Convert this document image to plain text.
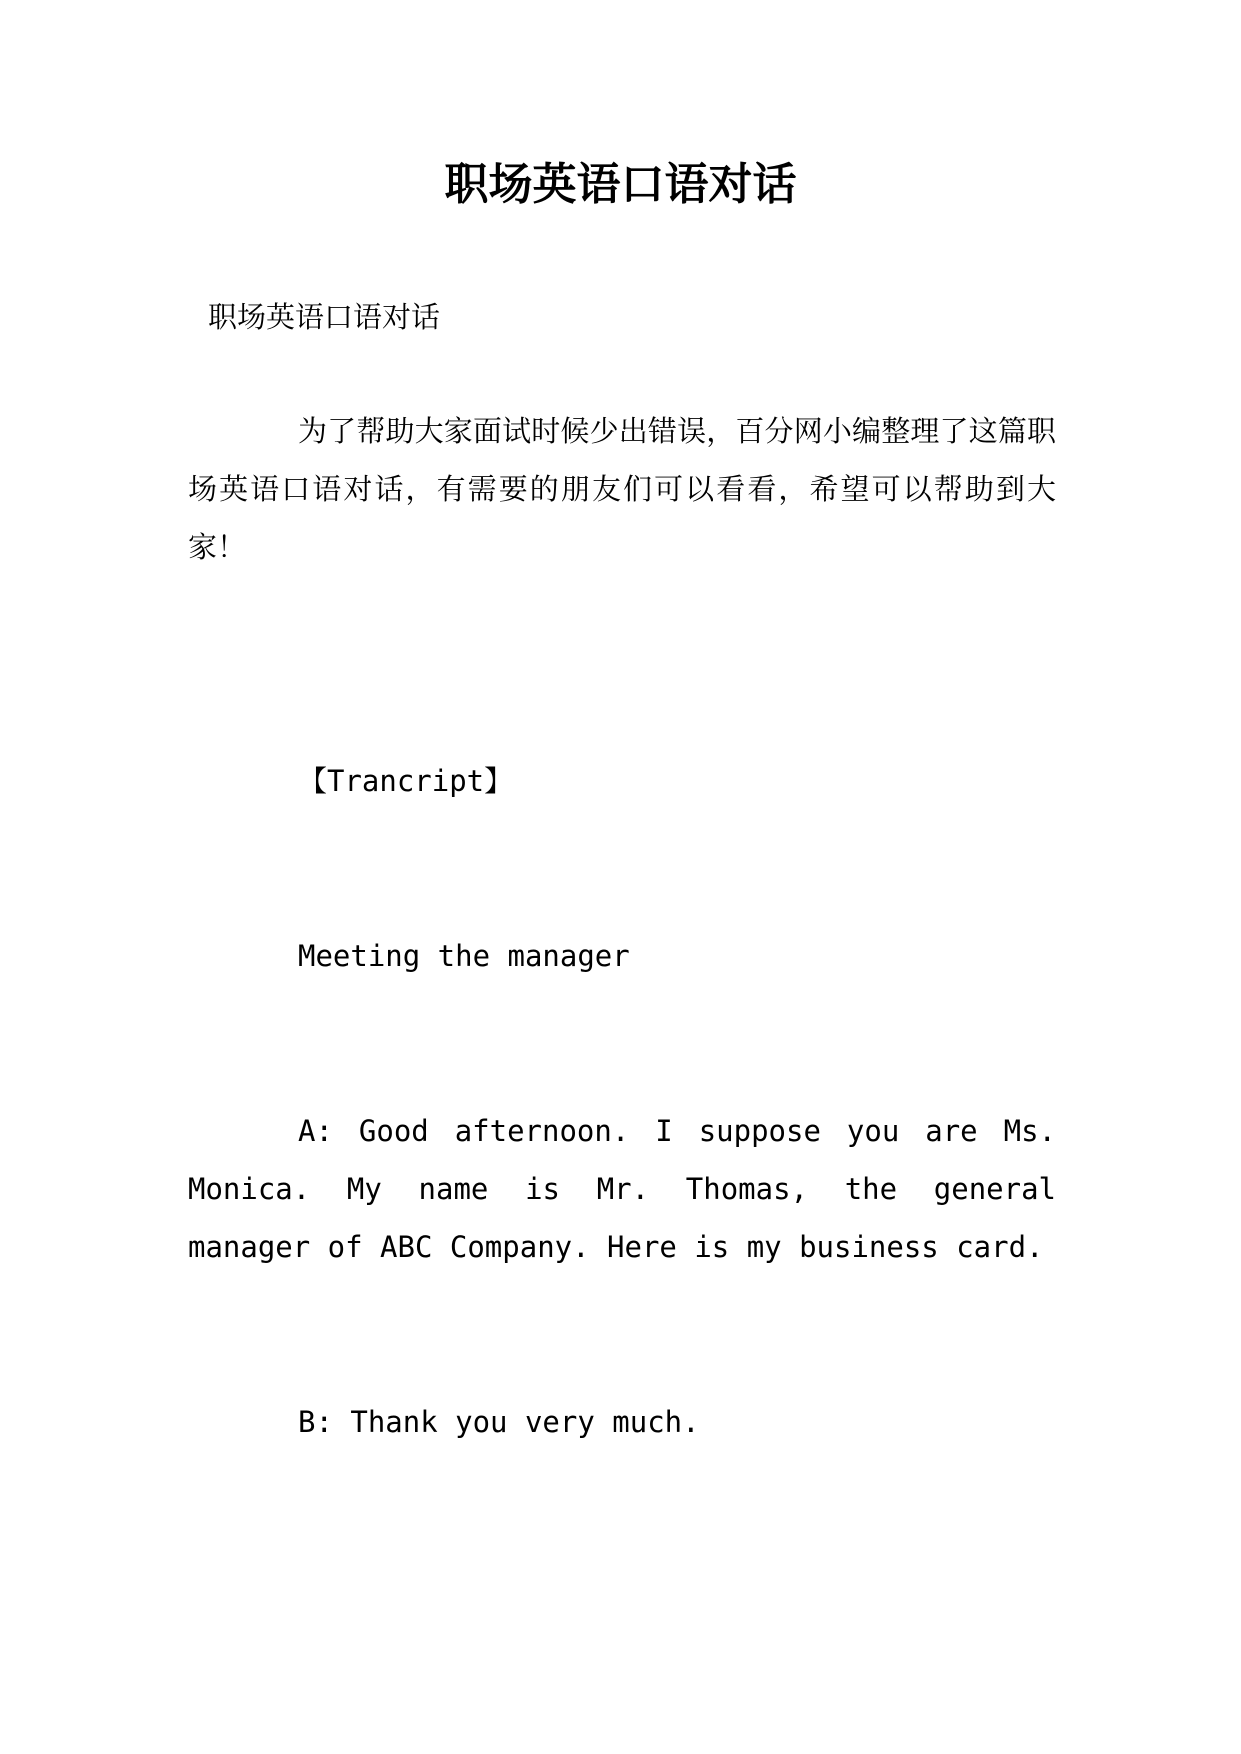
职场英语口语对话

职场英语口语对话

为了帮助大家面试时候少出错误，百分网小编整理了这篇职场英语口语对话，有需要的朋友们可以看看，希望可以帮助到大家！

【Trancript】

Meeting the manager

A: Good afternoon. I suppose you are Ms. Monica. My name is Mr. Thomas, the general manager of ABC Company. Here is my business card.

B: Thank you very much.
